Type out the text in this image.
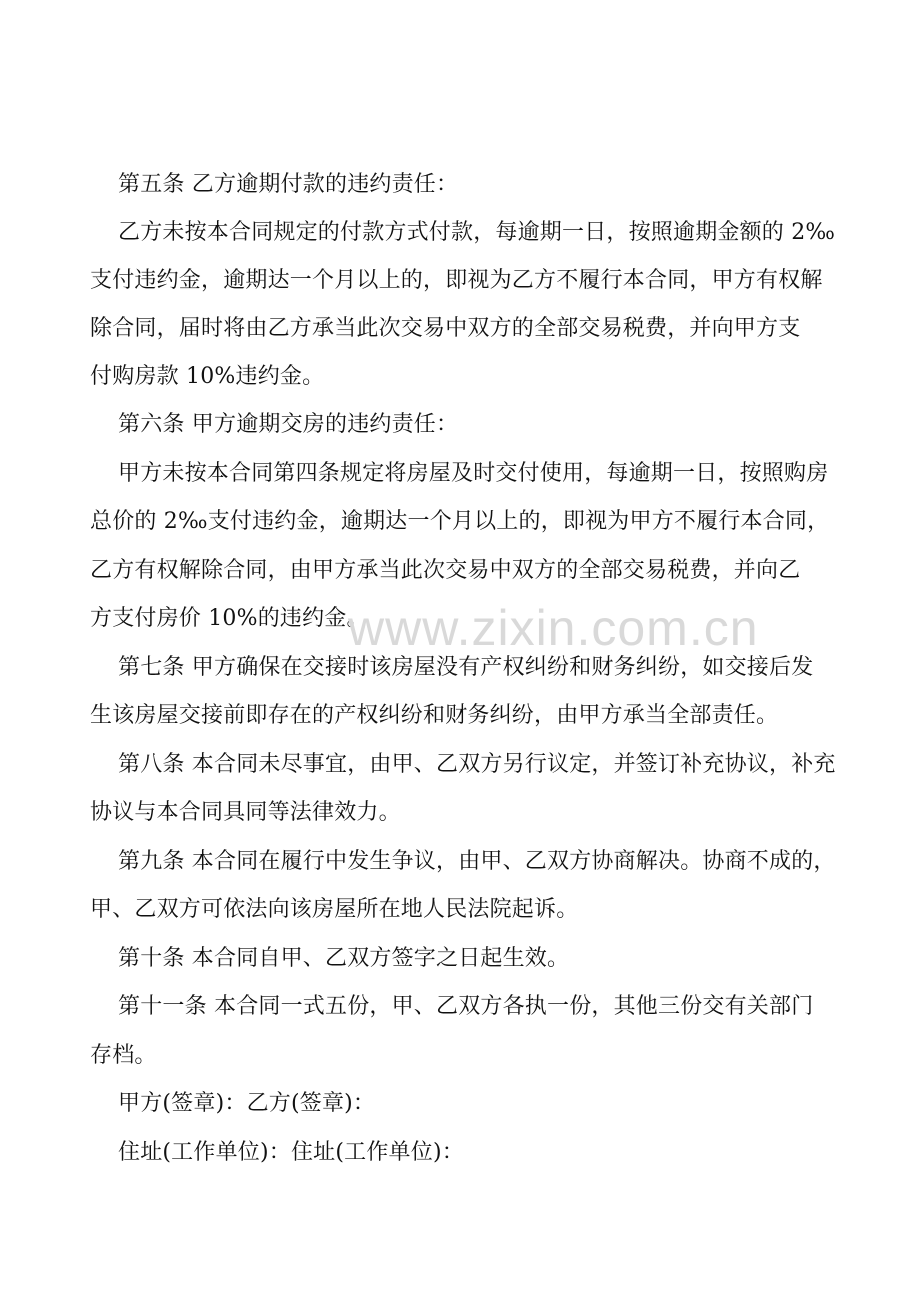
第五条 乙方逾期付款的违约责任：
乙方未按本合同规定的付款方式付款，每逾期一日，按照逾期金额的 2‰
支付违约金，逾期达一个月以上的，即视为乙方不履行本合同，甲方有权解
除合同，届时将由乙方承当此次交易中双方的全部交易税费，并向甲方支
付购房款 10%违约金。
第六条 甲方逾期交房的违约责任：
甲方未按本合同第四条规定将房屋及时交付使用，每逾期一日，按照购房
总价的 2‰支付违约金，逾期达一个月以上的，即视为甲方不履行本合同，
乙方有权解除合同，由甲方承当此次交易中双方的全部交易税费，并向乙
方支付房价 10%的违约金。
第七条 甲方确保在交接时该房屋没有产权纠纷和财务纠纷，如交接后发
生该房屋交接前即存在的产权纠纷和财务纠纷，由甲方承当全部责任。
第八条 本合同未尽事宜，由甲、乙双方另行议定，并签订补充协议，补充
协议与本合同具同等法律效力。
第九条 本合同在履行中发生争议，由甲、乙双方协商解决。协商不成的，
甲、乙双方可依法向该房屋所在地人民法院起诉。
第十条 本合同自甲、乙双方签字之日起生效。
第十一条 本合同一式五份，甲、乙双方各执一份，其他三份交有关部门
存档。
甲方(签章)：乙方(签章)：
住址(工作单位)：住址(工作单位)：
www.zixin.com.cn
